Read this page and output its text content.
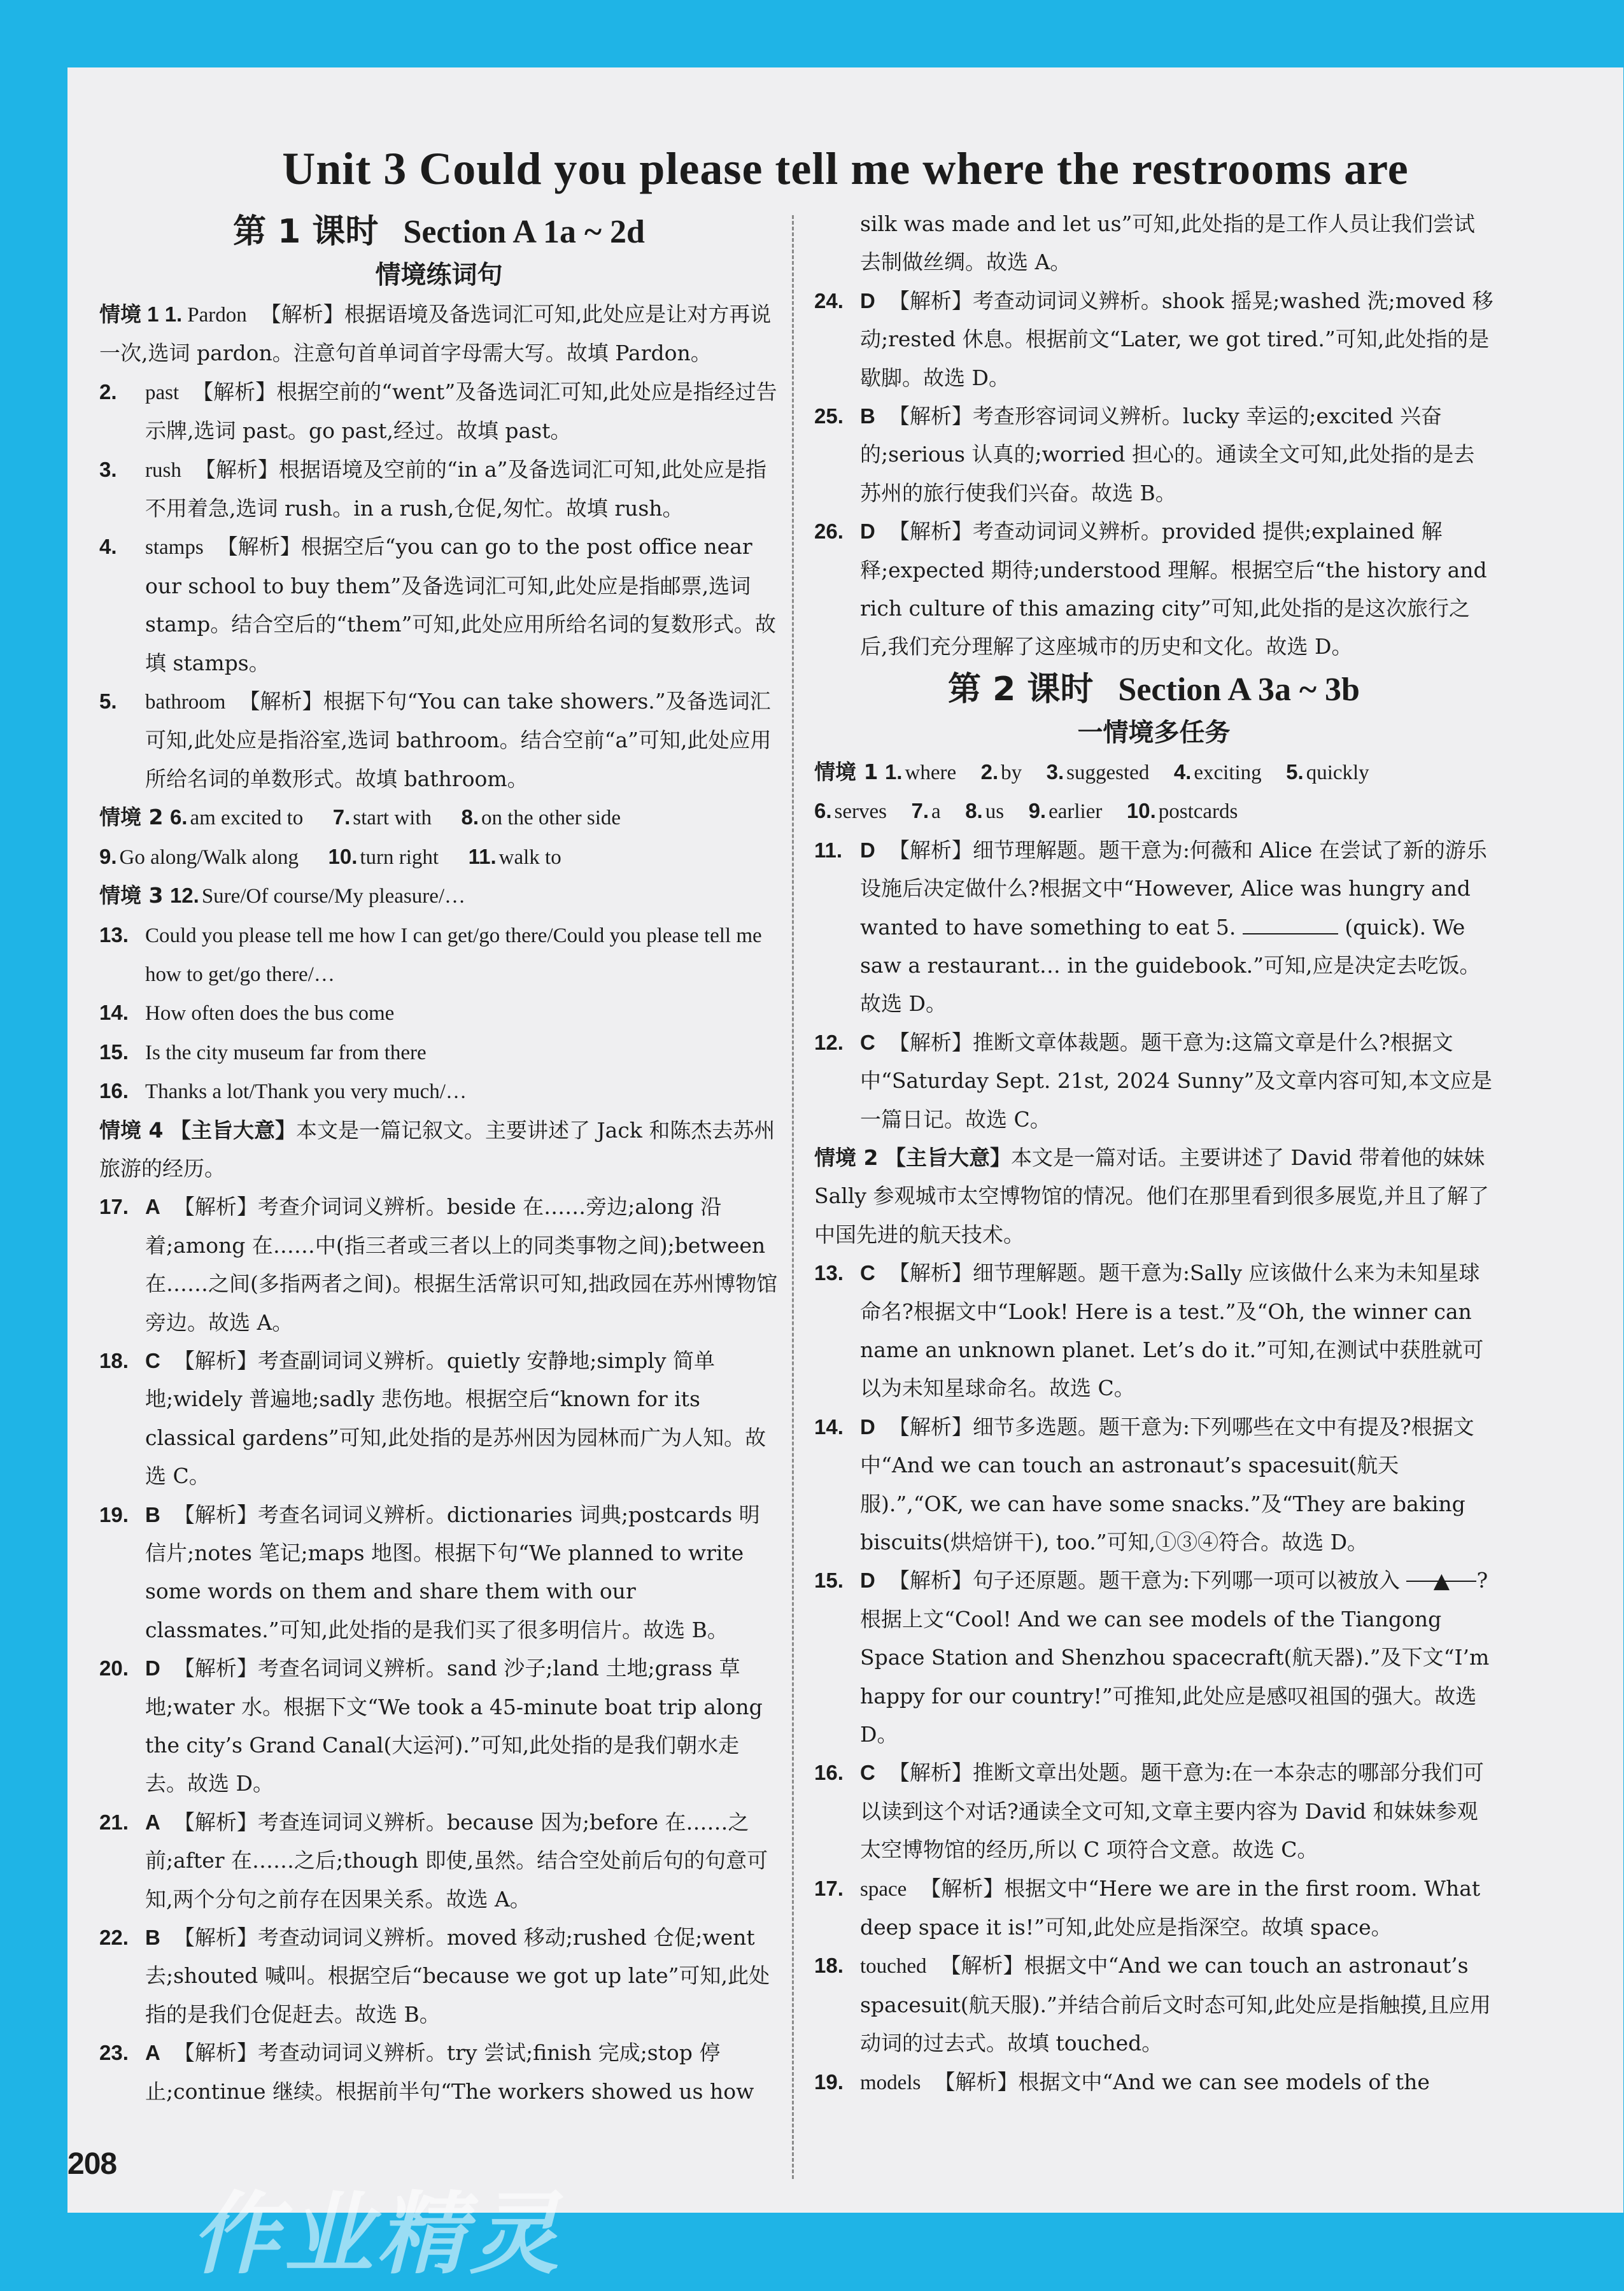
Unit 3 Could you please tell me where the restrooms are
第 1 课时 Section A 1a ~ 2d
情境练词句

情境 1 1. Pardon 【解析】根据语境及备选词汇可知,此处应是让对方再说一次,选词 pardon。注意句首单词首字母需大写。故填 Pardon。

2. past 【解析】根据空前的“went”及备选词汇可知,此处应是指经过告示牌,选词 past。go past,经过。故填 past。

3. rush 【解析】根据语境及空前的“in a”及备选词汇可知,此处应是指不用着急,选词 rush。in a rush,仓促,匆忙。故填 rush。

4. stamps 【解析】根据空后“you can go to the post office near our school to buy them”及备选词汇可知,此处应是指邮票,选词 stamp。结合空后的“them”可知,此处应用所给名词的复数形式。故填 stamps。

5. bathroom 【解析】根据下句“You can take showers.”及备选词汇可知,此处应是指浴室,选词 bathroom。结合空前“a”可知,此处应用所给名词的单数形式。故填 bathroom。

情境 2 6. am excited to 7. start with 8. on the other side
9. Go along/Walk along 10. turn right 11. walk to
情境 3 12. Sure/Of course/My pleasure/…

13. Could you please tell me how I can get/go there/Could you please tell me how to get/go there/…

14. How often does the bus come

15. Is the city museum far from there

16. Thanks a lot/Thank you very much/…

情境 4 【主旨大意】本文是一篇记叙文。主要讲述了 Jack 和陈杰去苏州旅游的经历。

17. A 【解析】考查介词词义辨析。beside 在……旁边;along 沿着;among 在……中(指三者或三者以上的同类事物之间);between 在……之间(多指两者之间)。根据生活常识可知,拙政园在苏州博物馆旁边。故选 A。

18. C 【解析】考查副词词义辨析。quietly 安静地;simply 简单地;widely 普遍地;sadly 悲伤地。根据空后“known for its classical gardens”可知,此处指的是苏州因为园林而广为人知。故选 C。

19. B 【解析】考查名词词义辨析。dictionaries 词典;postcards 明信片;notes 笔记;maps 地图。根据下句“We planned to write some words on them and share them with our classmates.”可知,此处指的是我们买了很多明信片。故选 B。

20. D 【解析】考查名词词义辨析。sand 沙子;land 土地;grass 草地;water 水。根据下文“We took a 45-minute boat trip along the city’s Grand Canal(大运河).”可知,此处指的是我们朝水走去。故选 D。

21. A 【解析】考查连词词义辨析。because 因为;before 在……之前;after 在……之后;though 即使,虽然。结合空处前后句的句意可知,两个分句之前存在因果关系。故选 A。

22. B 【解析】考查动词词义辨析。moved 移动;rushed 仓促;went 去;shouted 喊叫。根据空后“because we got up late”可知,此处指的是我们仓促赶去。故选 B。

23. A 【解析】考查动词词义辨析。try 尝试;finish 完成;stop 停止;continue 继续。根据前半句“The workers showed us how

silk was made and let us”可知,此处指的是工作人员让我们尝试去制做丝绸。故选 A。

24. D 【解析】考查动词词义辨析。shook 摇晃;washed 洗;moved 移动;rested 休息。根据前文“Later, we got tired.”可知,此处指的是歇脚。故选 D。

25. B 【解析】考查形容词词义辨析。lucky 幸运的;excited 兴奋的;serious 认真的;worried 担心的。通读全文可知,此处指的是去苏州的旅行使我们兴奋。故选 B。

26. D 【解析】考查动词词义辨析。provided 提供;explained 解释;expected 期待;understood 理解。根据空后“the history and rich culture of this amazing city”可知,此处指的是这次旅行之后,我们充分理解了这座城市的历史和文化。故选 D。

第 2 课时 Section A 3a ~ 3b
一情境多任务
情境 1 1. where 2. by 3. suggested 4. exciting 5. quickly
6. serves 7. a 8. us 9. earlier 10. postcards

11. D 【解析】细节理解题。题干意为:何薇和 Alice 在尝试了新的游乐设施后决定做什么?根据文中“However, Alice was hungry and wanted to have something to eat 5.	(quick). We saw a restaurant… in the guidebook.”可知,应是决定去吃饭。故选 D。

12. C 【解析】推断文章体裁题。题干意为:这篇文章是什么?根据文中“Saturday Sept. 21st, 2024 Sunny”及文章内容可知,本文应是一篇日记。故选 C。

情境 2 【主旨大意】本文是一篇对话。主要讲述了 David 带着他的妹妹 Sally 参观城市太空博物馆的情况。他们在那里看到很多展览,并且了解了中国先进的航天技术。

13. C 【解析】细节理解题。题干意为:Sally 应该做什么来为未知星球命名?根据文中“Look! Here is a test.”及“Oh, the winner can name an unknown planet. Let’s do it.”可知,在测试中获胜就可以为未知星球命名。故选 C。

14. D 【解析】细节多选题。题干意为:下列哪些在文中有提及?根据文中“And we can touch an astronaut’s spacesuit(航天服).”,“OK, we can have some snacks.”及“They are baking biscuits(烘焙饼干), too.”可知,①③④符合。故选 D。

15. D 【解析】句子还原题。题干意为:下列哪一项可以被放入 ▲ ?根据上文“Cool! And we can see models of the Tiangong Space Station and Shenzhou spacecraft(航天器).”及下文“I’m happy for our country!”可推知,此处应是感叹祖国的强大。故选 D。

16. C 【解析】推断文章出处题。题干意为:在一本杂志的哪部分我们可以读到这个对话?通读全文可知,文章主要内容为 David 和妹妹参观太空博物馆的经历,所以 C 项符合文意。故选 C。

17. space 【解析】根据文中“Here we are in the first room. What deep space it is!”可知,此处应是指深空。故填 space。

18. touched 【解析】根据文中“And we can touch an astronaut’s spacesuit(航天服).”并结合前后文时态可知,此处应是指触摸,且应用动词的过去式。故填 touched。

19. models 【解析】根据文中“And we can see models of the

208
作业精灵
